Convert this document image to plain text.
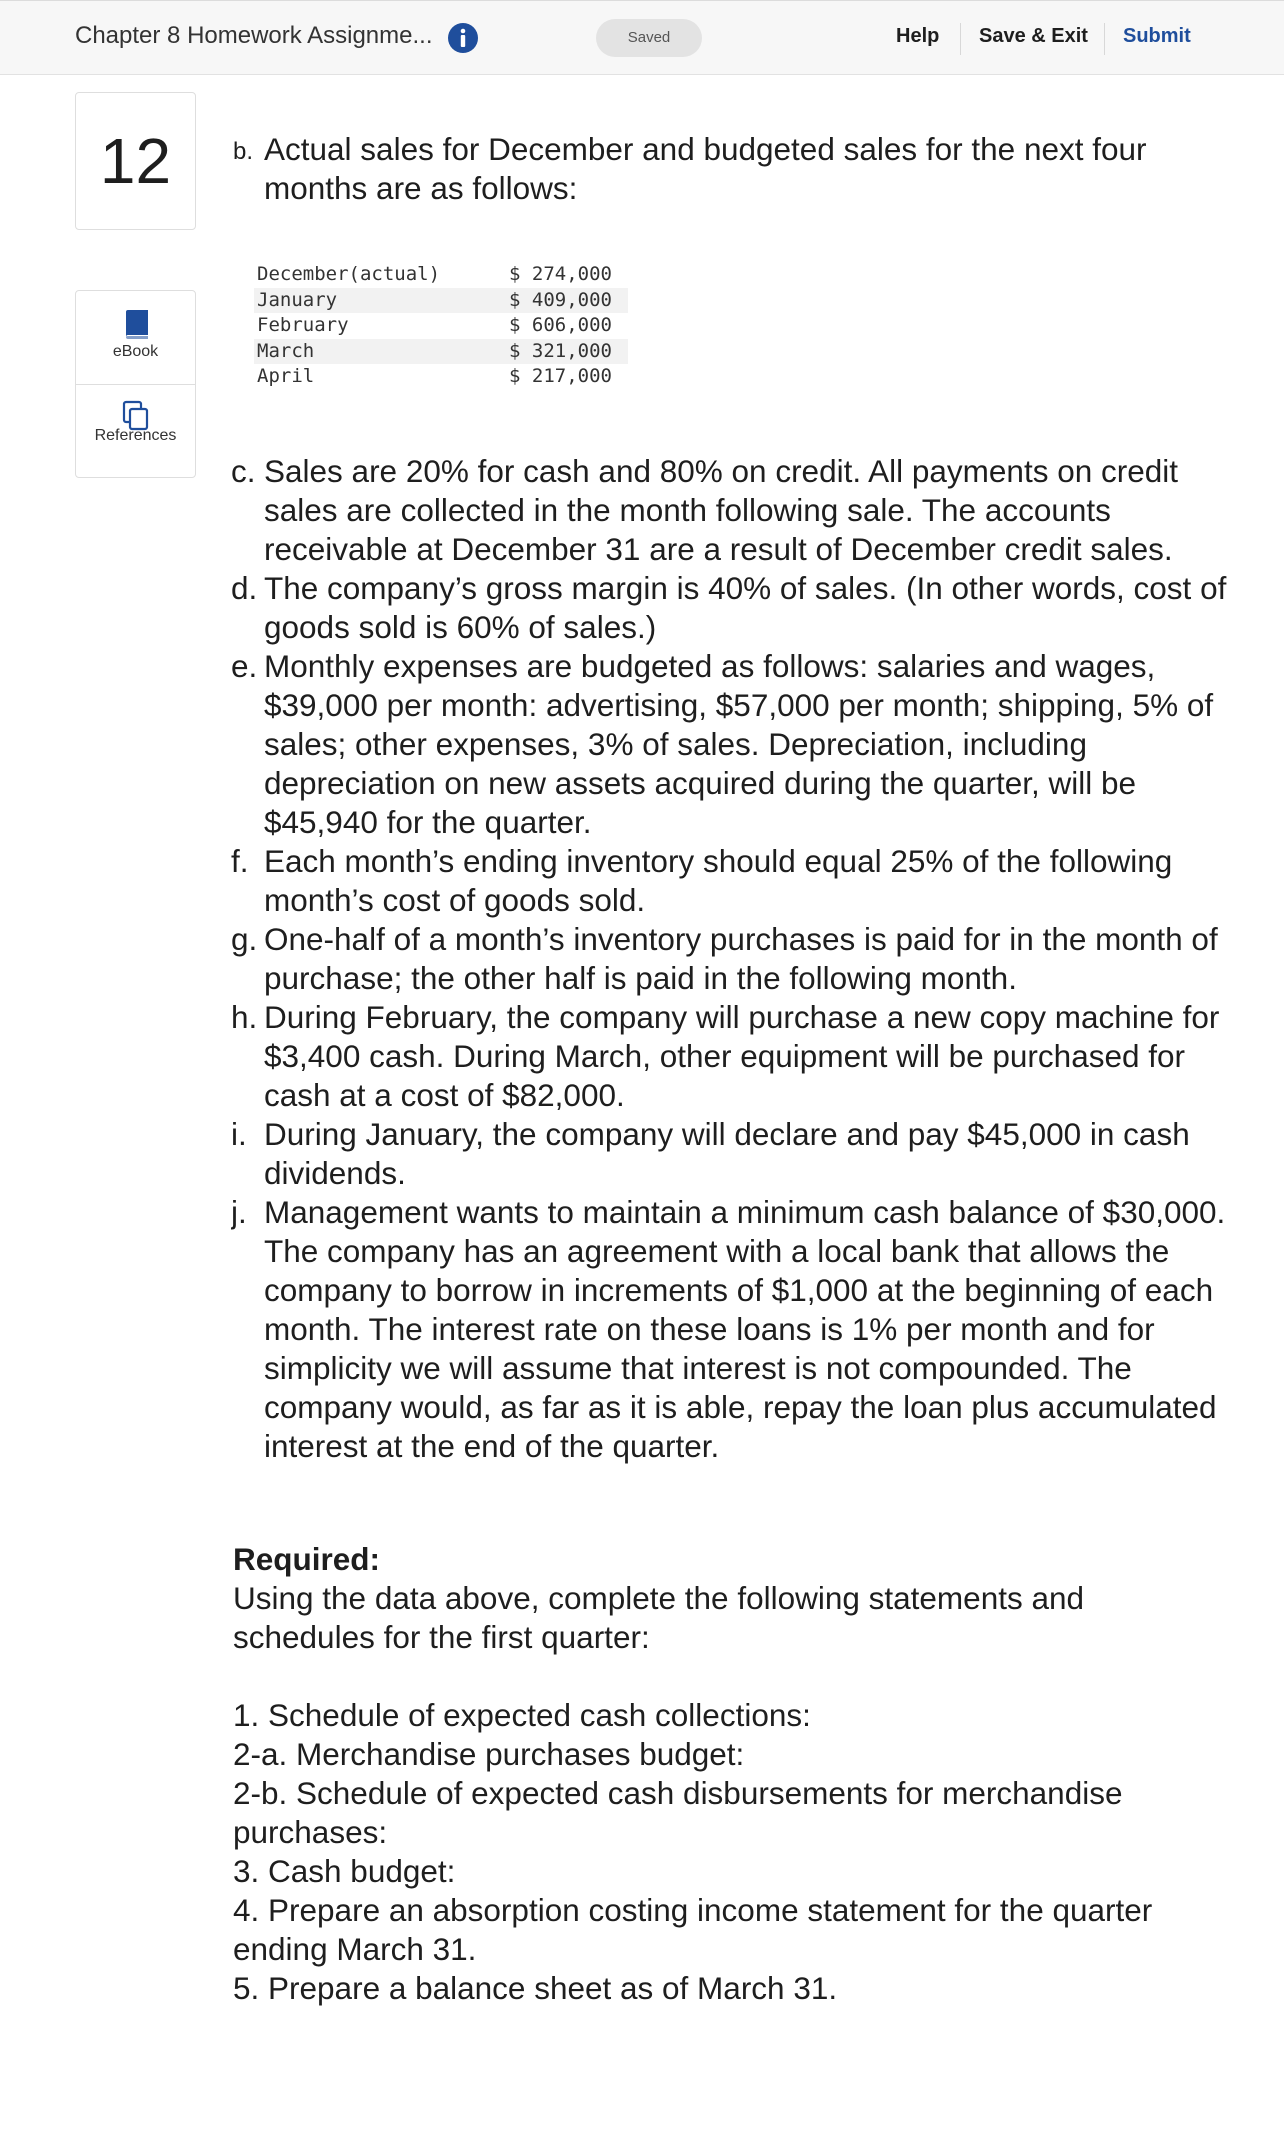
Chapter 8 Homework Assignme...	Saved	Help Save & Exit Submit
12
eBook
References
b. Actual sales for December and budgeted sales for the next four months are as follows:
December(actual)	$ 274,000
January	$ 409,000
February	$ 606,000
March	$ 321,000
April	$ 217,000
c. Sales are 20% for cash and 80% on credit. All payments on credit sales are collected in the month following sale. The accounts receivable at December 31 are a result of December credit sales.
d. The company’s gross margin is 40% of sales. (In other words, cost of goods sold is 60% of sales.)
e. Monthly expenses are budgeted as follows: salaries and wages, $39,000 per month: advertising, $57,000 per month; shipping, 5% of sales; other expenses, 3% of sales. Depreciation, including depreciation on new assets acquired during the quarter, will be $45,940 for the quarter.
f. Each month’s ending inventory should equal 25% of the following month’s cost of goods sold.
g. One-half of a month’s inventory purchases is paid for in the month of purchase; the other half is paid in the following month.
h. During February, the company will purchase a new copy machine for $3,400 cash. During March, other equipment will be purchased for cash at a cost of $82,000.
i. During January, the company will declare and pay $45,000 in cash dividends.
j. Management wants to maintain a minimum cash balance of $30,000. The company has an agreement with a local bank that allows the company to borrow in increments of $1,000 at the beginning of each month. The interest rate on these loans is 1% per month and for simplicity we will assume that interest is not compounded. The company would, as far as it is able, repay the loan plus accumulated interest at the end of the quarter.
Required:
Using the data above, complete the following statements and schedules for the first quarter:
1. Schedule of expected cash collections:
2-a. Merchandise purchases budget:
2-b. Schedule of expected cash disbursements for merchandise purchases:
3. Cash budget:
4. Prepare an absorption costing income statement for the quarter ending March 31.
5. Prepare a balance sheet as of March 31.
